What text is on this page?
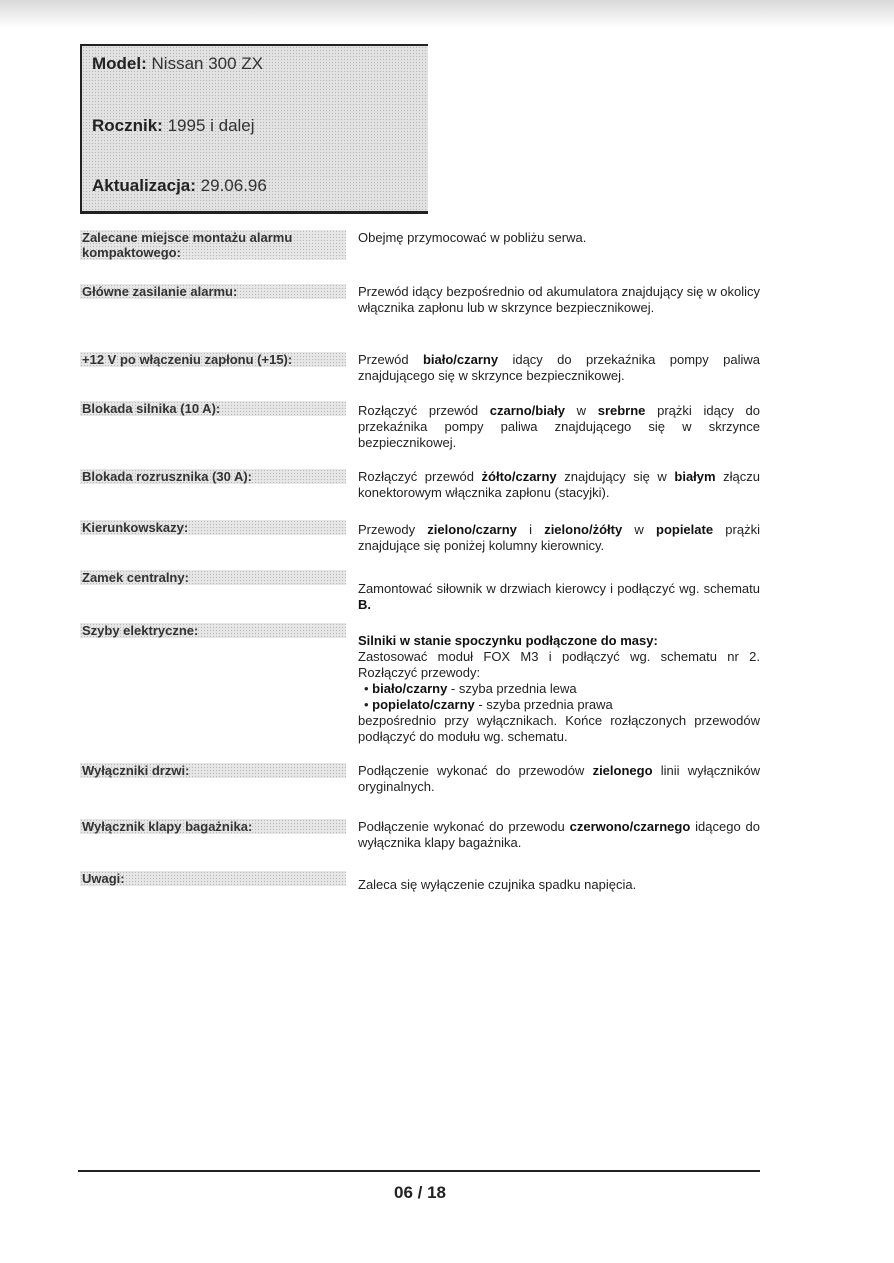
Model: Nissan 300 ZX
Rocznik: 1995 i dalej
Aktualizacja: 29.06.96
Zalecane miejsce montażu alarmu kompaktowego:
Obejmę przymocować w pobliżu serwa.
Główne zasilanie alarmu:	Przewód idący bezpośrednio od akumulatora znajdujący się w okolicy włącznika zapłonu lub w skrzynce bezpiecznikowej.
+12 V po włączeniu zapłonu (+15):	Przewód biało/czarny idący do przekaźnika pompy paliwa znajdującego się w skrzynce bezpiecznikowej.
Blokada silnika (10 A):	Rozłączyć przewód czarno/biały w srebrne prążki idący do przekaźnika pompy paliwa znajdującego się w skrzynce bezpiecznikowej.
Blokada rozrusznika (30 A):	Rozłączyć przewód żółto/czarny znajdujący się w białym złączu konektorowym włącznika zapłonu (stacyjki).
Kierunkowskazy:	Przewody zielono/czarny i zielono/żółty w popielate prążki znajdujące się poniżej kolumny kierownicy.
Zamek centralny:
Zamontować siłownik w drzwiach kierowcy i podłączyć wg. schematu B.
Szyby elektryczne:
Silniki w stanie spoczynku podłączone do masy:
Zastosować moduł FOX M3 i podłączyć wg. schematu nr 2. Rozłączyć przewody:
• biało/czarny - szyba przednia lewa
• popielato/czarny - szyba przednia prawa
bezpośrednio przy wyłącznikach. Końce rozłączonych przewodów podłączyć do modułu wg. schematu.
Wyłączniki drzwi:	Podłączenie wykonać do przewodów zielonego linii wyłączników oryginalnych.
Wyłącznik klapy bagażnika:	Podłączenie wykonać do przewodu czerwono/czarnego idącego do wyłącznika klapy bagażnika.
Uwagi:	Zaleca się wyłączenie czujnika spadku napięcia.
06 / 18
